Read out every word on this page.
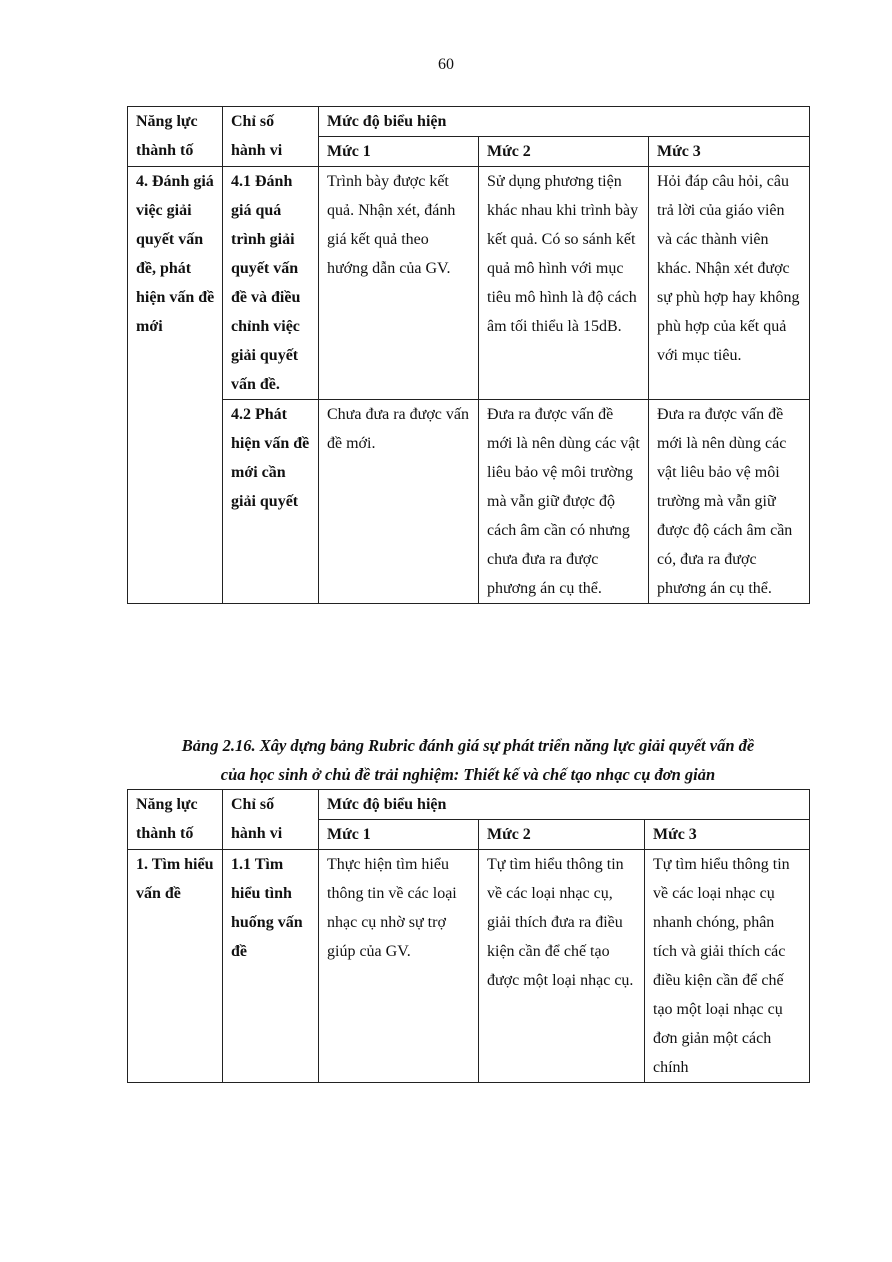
60
Năng lực thành tố	Chỉ số hành vi	Mức độ biểu hiện		
		Mức 1	Mức 2	Mức 3
4. Đánh giá việc giải quyết vấn đề, phát hiện vấn đề mới	4.1 Đánh giá quá trình giải quyết vấn đề và điều chỉnh việc giải quyết vấn đề.	Trình bày được kết quả. Nhận xét, đánh giá kết quả theo hướng dẫn của GV.	Sử dụng phương tiện khác nhau khi trình bày kết quả. Có so sánh kết quả mô hình với mục tiêu mô hình là độ cách âm tối thiểu là 15dB.	Hỏi đáp câu hỏi, câu trả lời của giáo viên và các thành viên khác. Nhận xét được sự phù hợp hay không phù hợp của kết quả với mục tiêu.
	4.2 Phát hiện vấn đề mới cần giải quyết	Chưa đưa ra được vấn đề mới.	Đưa ra được vấn đề mới là nên dùng các vật liêu bảo vệ môi trường mà vẫn giữ được độ cách âm cần có nhưng chưa đưa ra được phương án cụ thể.	Đưa ra được vấn đề mới là nên dùng các vật liêu bảo vệ môi trường mà vẫn giữ được độ cách âm cần có, đưa ra được phương án cụ thể.
Bảng 2.16. Xây dựng bảng Rubric đánh giá sự phát triển năng lực giải quyết vấn đề
của học sinh ở chủ đề trải nghiệm: Thiết kế và chế tạo nhạc cụ đơn giản
Năng lực thành tố	Chỉ số hành vi	Mức độ biểu hiện		
		Mức 1	Mức 2	Mức 3
1. Tìm hiểu vấn đề	1.1 Tìm hiểu tình huống vấn đề	Thực hiện tìm hiểu thông tin về các loại nhạc cụ nhờ sự trợ giúp của GV.	Tự tìm hiểu thông tin về các loại nhạc cụ, giải thích đưa ra điều kiện cần để chế tạo được một loại nhạc cụ.	Tự tìm hiểu thông tin về các loại nhạc cụ nhanh chóng, phân tích và giải thích các điều kiện cần để chế tạo một loại nhạc cụ đơn giản một cách chính
